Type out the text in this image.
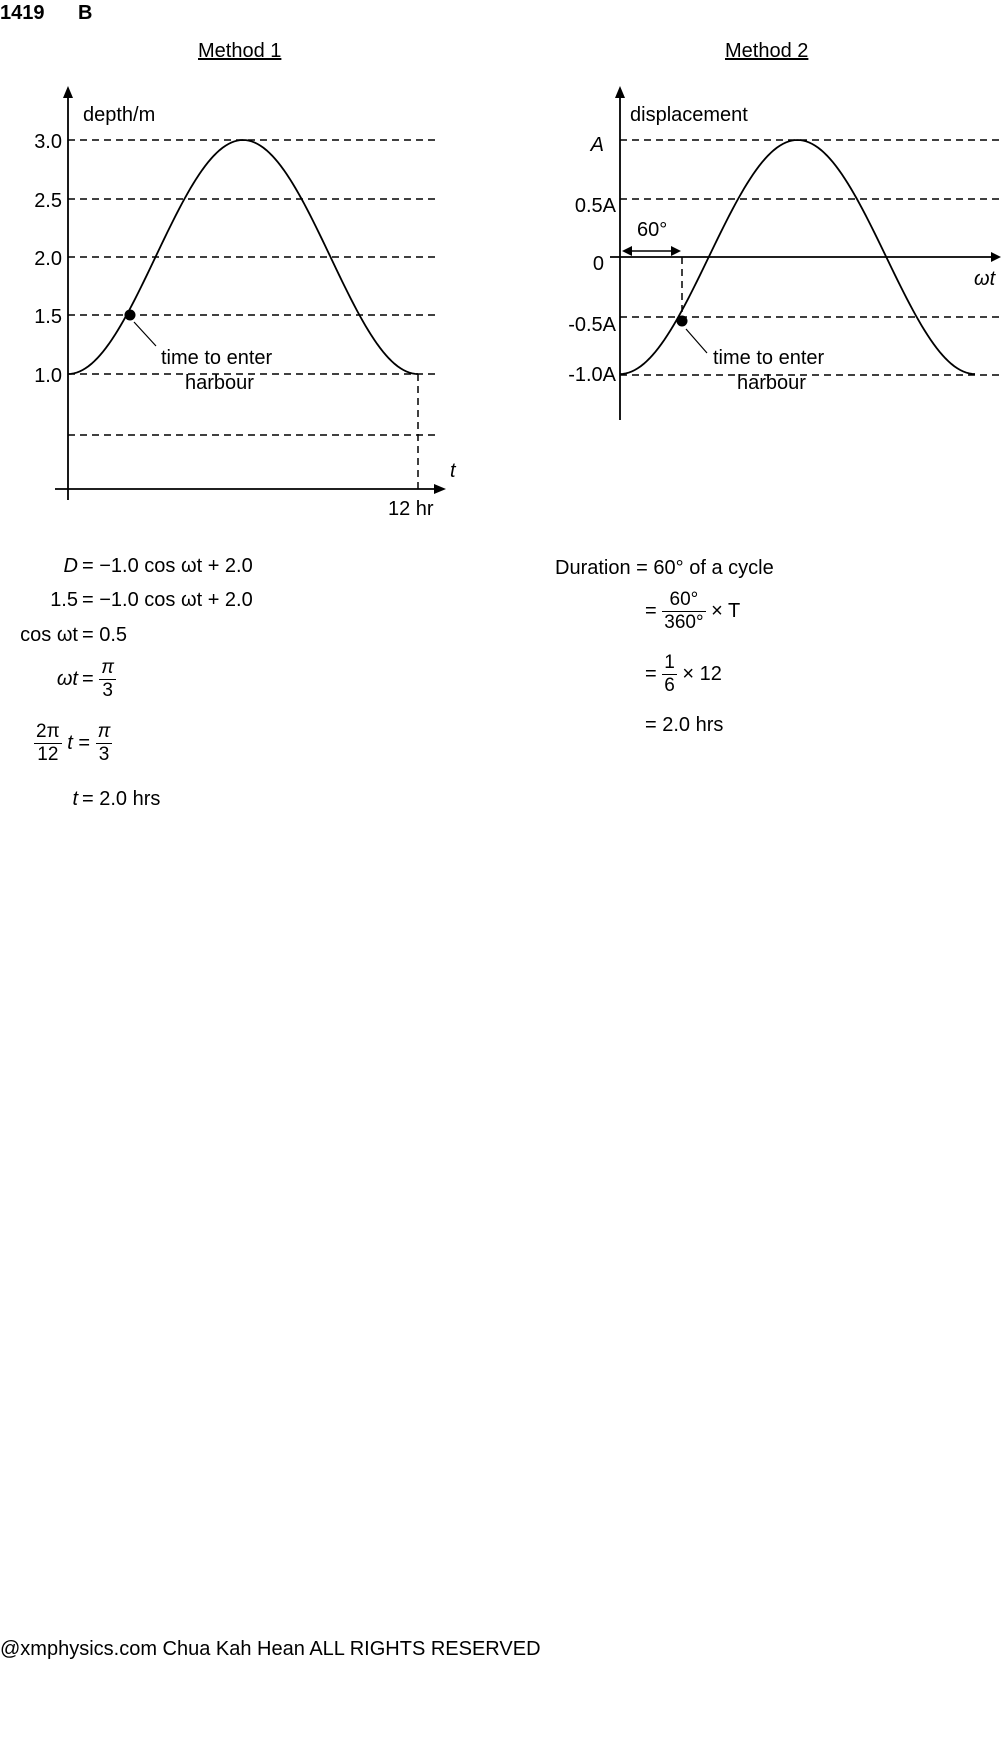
1419 B
Method 1	Method 2
3.0
2.5
2.0
1.5
1.0
depth/m
t
12 hr
time to enter
harbour
A
0.5A
0
-0.5A
-1.0A
displacement
ωt
60°
time to enter
harbour
D = −1.0 cos ωt + 2.0
1.5 = −1.0 cos ωt + 2.0
cos ωt = 0.5
$\omega t = \frac{\pi}{3}$
$\frac{2\pi}{12}$ $t = \frac{\pi}{3}$
t = 2.0 hrs
Duration = 60° of a cycle
= $\frac{60^\circ}{360^\circ} \times T$
= $\frac{1}{6} \times 12$
= 2.0 hrs
@xmphysics.com Chua Kah Hean ALL RIGHTS RESERVED
